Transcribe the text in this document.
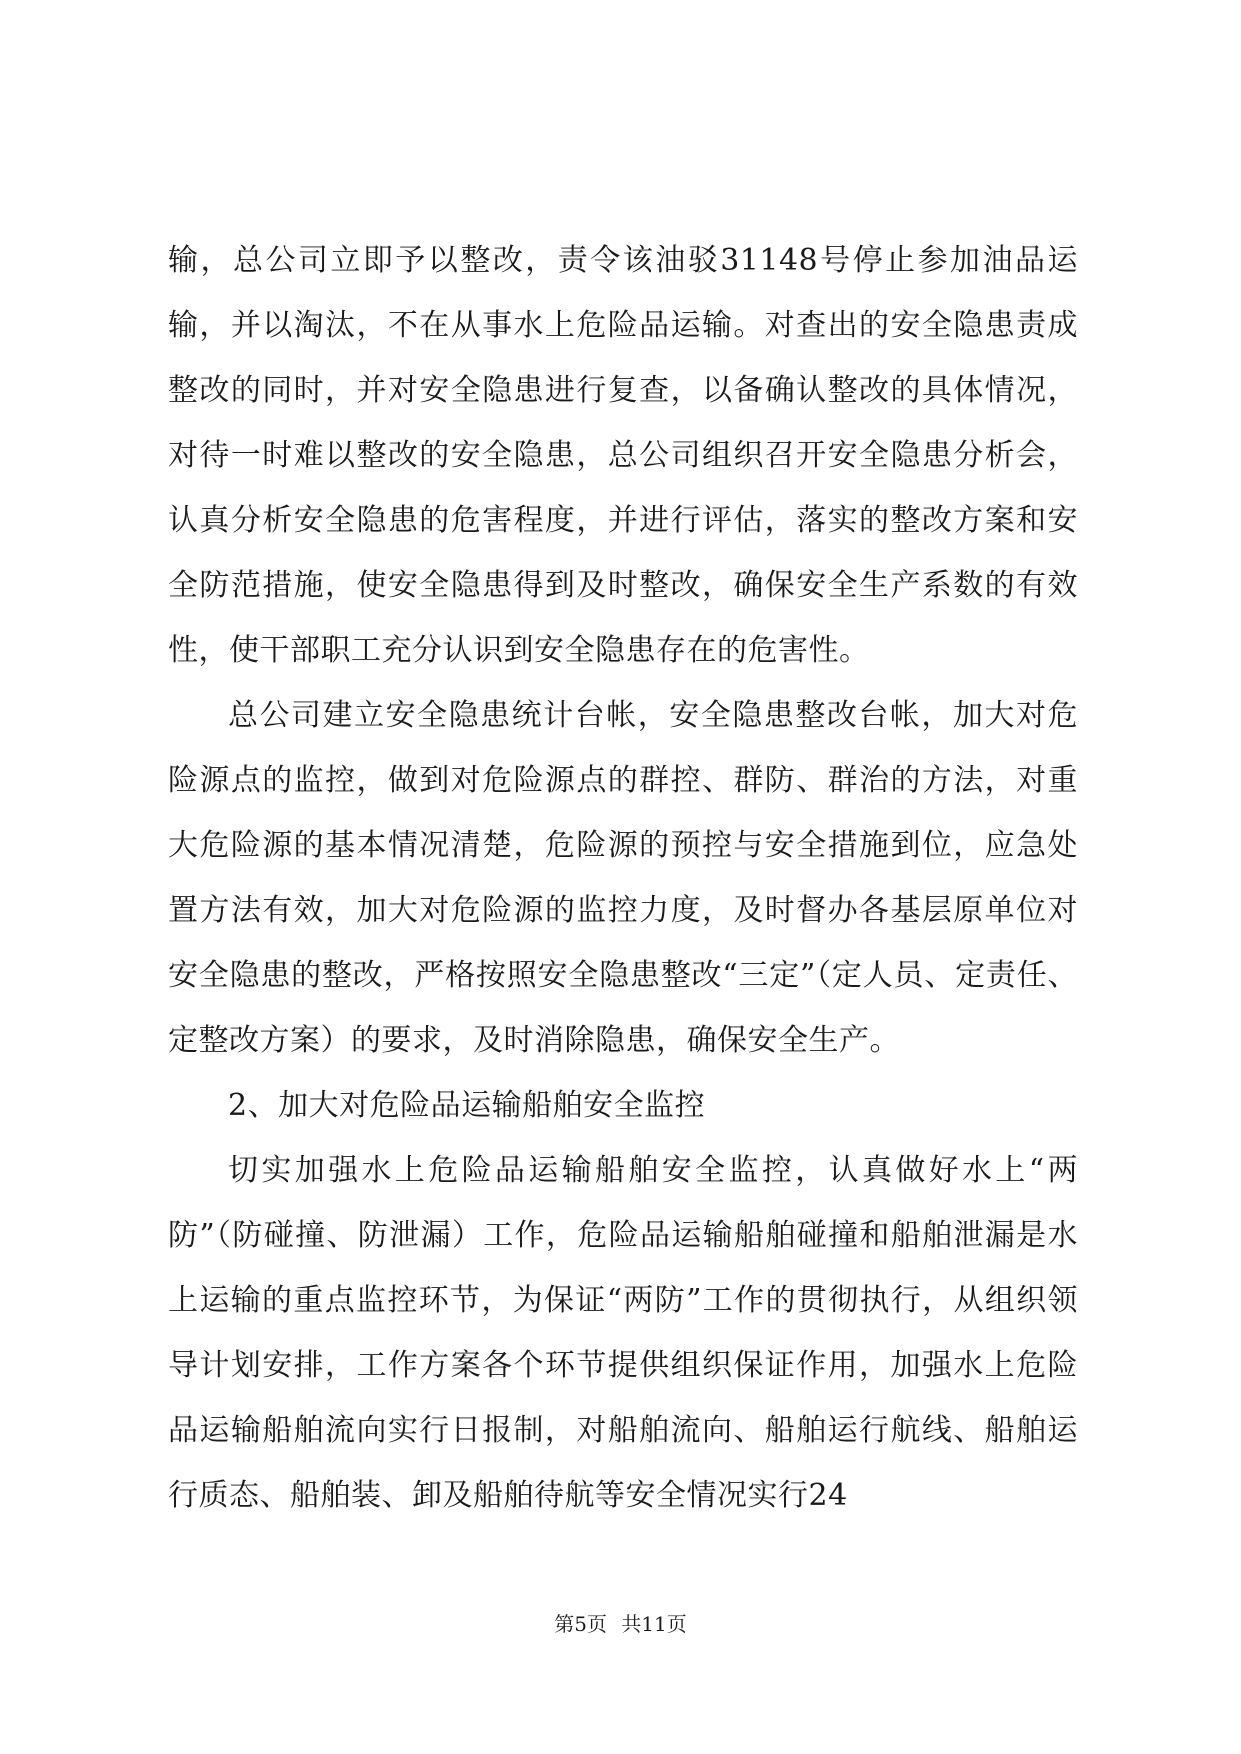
输，总公司立即予以整改，责令该油驳31148号停止参加油品运输，并以淘汰，不在从事水上危险品运输。对查出的安全隐患责成整改的同时，并对安全隐患进行复查，以备确认整改的具体情况，对待一时难以整改的安全隐患，总公司组织召开安全隐患分析会，认真分析安全隐患的危害程度，并进行评估，落实的整改方案和安全防范措施，使安全隐患得到及时整改，确保安全生产系数的有效性，使干部职工充分认识到安全隐患存在的危害性。

总公司建立安全隐患统计台帐，安全隐患整改台帐，加大对危险源点的监控，做到对危险源点的群控、群防、群治的方法，对重大危险源的基本情况清楚，危险源的预控与安全措施到位，应急处置方法有效，加大对危险源的监控力度，及时督办各基层原单位对安全隐患的整改，严格按照安全隐患整改“三定”（定人员、定责任、定整改方案）的要求，及时消除隐患，确保安全生产。

2、加大对危险品运输船舶安全监控

切实加强水上危险品运输船舶安全监控，认真做好水上“两防”（防碰撞、防泄漏）工作，危险品运输船舶碰撞和船舶泄漏是水上运输的重点监控环节，为保证“两防”工作的贯彻执行，从组织领导计划安排，工作方案各个环节提供组织保证作用，加强水上危险品运输船舶流向实行日报制，对船舶流向、船舶运行航线、船舶运行质态、船舶装、卸及船舶待航等安全情况实行24

第5页 共11页
